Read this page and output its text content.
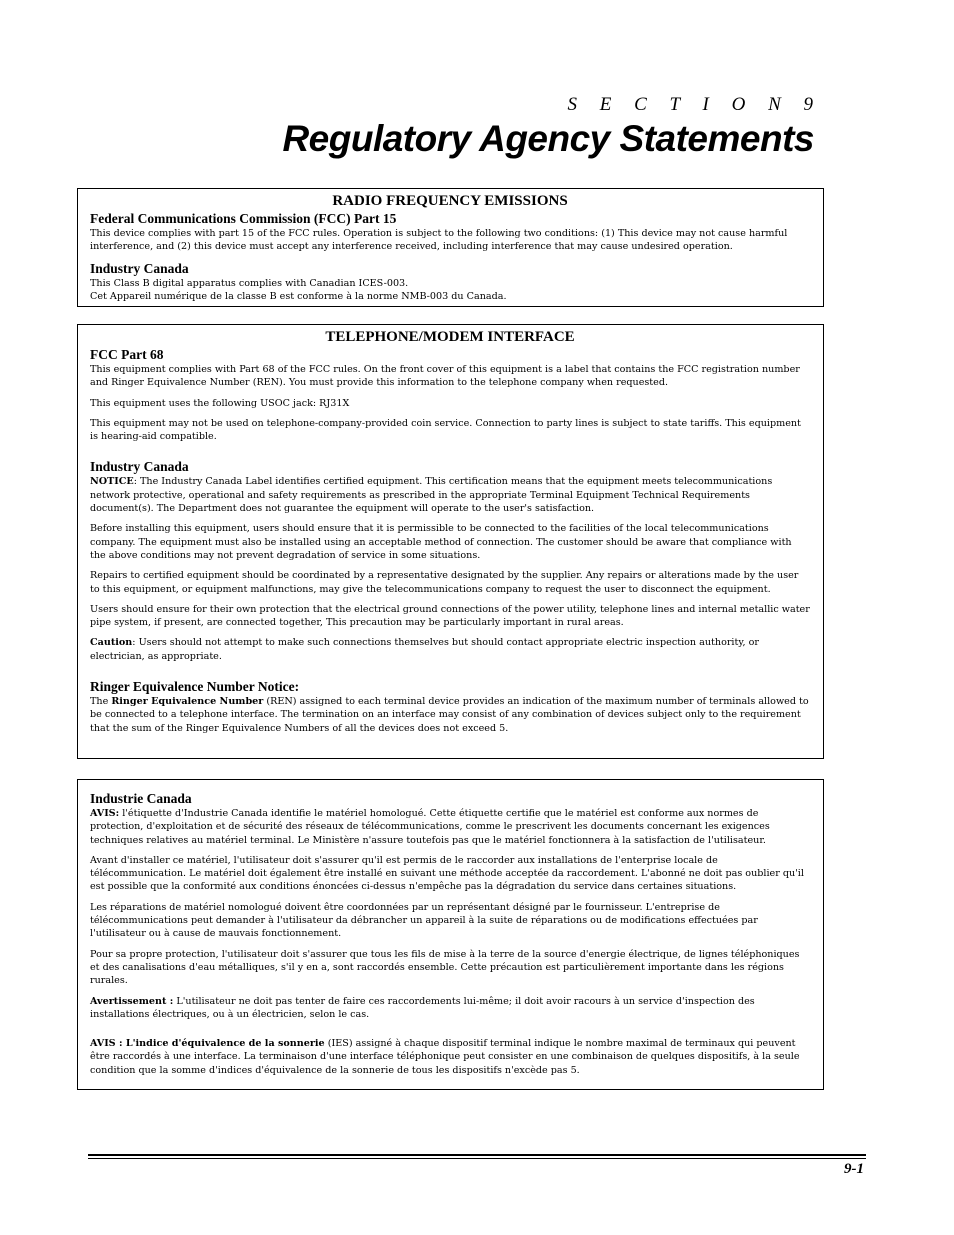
S E C T I O N 9
Regulatory Agency Statements
RADIO FREQUENCY EMISSIONS
Federal Communications Commission (FCC) Part 15

This device complies with part 15 of the FCC rules. Operation is subject to the following two conditions: (1) This device may not cause harmful interference, and (2) this device must accept any interference received, including interference that may cause undesired operation.

Industry Canada

This Class B digital apparatus complies with Canadian ICES-003.

Cet Appareil numérique de la classe B est conforme à la norme NMB-003 du Canada.

TELEPHONE/MODEM INTERFACE
FCC Part 68

This equipment complies with Part 68 of the FCC rules. On the front cover of this equipment is a label that contains the FCC registration number and Ringer Equivalence Number (REN). You must provide this information to the telephone company when requested.

This equipment uses the following USOC jack: RJ31X

This equipment may not be used on telephone-company-provided coin service. Connection to party lines is subject to state tariffs. This equipment is hearing-aid compatible.

Industry Canada

NOTICE: The Industry Canada Label identifies certified equipment. This certification means that the equipment meets telecommunications network protective, operational and safety requirements as prescribed in the appropriate Terminal Equipment Technical Requirements document(s). The Department does not guarantee the equipment will operate to the user's satisfaction.

Before installing this equipment, users should ensure that it is permissible to be connected to the facilities of the local telecommunications company. The equipment must also be installed using an acceptable method of connection. The customer should be aware that compliance with the above conditions may not prevent degradation of service in some situations.

Repairs to certified equipment should be coordinated by a representative designated by the supplier. Any repairs or alterations made by the user to this equipment, or equipment malfunctions, may give the telecommunications company to request the user to disconnect the equipment.

Users should ensure for their own protection that the electrical ground connections of the power utility, telephone lines and internal metallic water pipe system, if present, are connected together, This precaution may be particularly important in rural areas.

Caution: Users should not attempt to make such connections themselves but should contact appropriate electric inspection authority, or electrician, as appropriate.

Ringer Equivalence Number Notice:

The Ringer Equivalence Number (REN) assigned to each terminal device provides an indication of the maximum number of terminals allowed to be connected to a telephone interface. The termination on an interface may consist of any combination of devices subject only to the requirement that the sum of the Ringer Equivalence Numbers of all the devices does not exceed 5.

Industrie Canada

AVIS: l'étiquette d'Industrie Canada identifie le matériel homologué. Cette étiquette certifie que le matériel est conforme aux normes de protection, d'exploitation et de sécurité des réseaux de télécommunications, comme le prescrivent les documents concernant les exigences techniques relatives au matériel terminal. Le Ministère n'assure toutefois pas que le matériel fonctionnera à la satisfaction de l'utilisateur.

Avant d'installer ce matériel, l'utilisateur doit s'assurer qu'il est permis de le raccorder aux installations de l'enterprise locale de télécommunication. Le matériel doit également être installé en suivant une méthode acceptée da raccordement. L'abonné ne doit pas oublier qu'il est possible que la conformité aux conditions énoncées ci-dessus n'empêche pas la dégradation du service dans certaines situations.

Les réparations de matériel nomologué doivent être coordonnées par un représentant désigné par le fournisseur. L'entreprise de télécommunications peut demander à l'utilisateur da débrancher un appareil à la suite de réparations ou de modifications effectuées par l'utilisateur ou à cause de mauvais fonctionnement.

Pour sa propre protection, l'utilisateur doit s'assurer que tous les fils de mise à la terre de la source d'energie électrique, de lignes téléphoniques et des canalisations d'eau métalliques, s'il y en a, sont raccordés ensemble. Cette précaution est particulièrement importante dans les régions rurales.

Avertissement : L'utilisateur ne doit pas tenter de faire ces raccordements lui-même; il doit avoir racours à un service d'inspection des installations électriques, ou à un électricien, selon le cas.

AVIS : L'indice d'équivalence de la sonnerie (IES) assigné à chaque dispositif terminal indique le nombre maximal de terminaux qui peuvent être raccordés à une interface. La terminaison d'une interface téléphonique peut consister en une combinaison de quelques dispositifs, à la seule condition que la somme d'indices d'équivalence de la sonnerie de tous les dispositifs n'excède pas 5.

9-1
